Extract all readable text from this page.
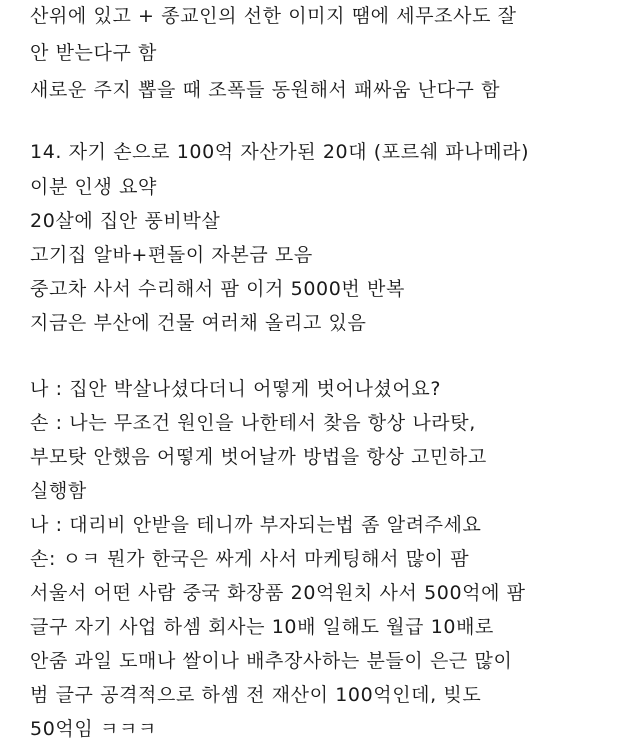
산위에 있고 + 종교인의 선한 이미지 땜에 세무조사도 잘
안 받는다구 함
새로운 주지 뽑을 때 조폭들 동원해서 패싸움 난다구 함
14. 자기 손으로 100억 자산가된 20대 (포르쉐 파나메라)
이분 인생 요약
20살에 집안 풍비박살
고기집 알바+편돌이 자본금 모음
중고차 사서 수리해서 팜 이거 5000번 반복
지금은 부산에 건물 여러채 올리고 있음
나 : 집안 박살나셨다더니 어떻게 벗어나셨어요?
손 : 나는 무조건 원인을 나한테서 찾음 항상 나라탓,
부모탓 안했음 어떻게 벗어날까 방법을 항상 고민하고
실행함
나 : 대리비 안받을 테니까 부자되는법 좀 알려주세요
손: ㅇㅋ 뭔가 한국은 싸게 사서 마케팅해서 많이 팜
서울서 어떤 사람 중국 화장품 20억원치 사서 500억에 팜
글구 자기 사업 하셈 회사는 10배 일해도 월급 10배로
안줌 과일 도매나 쌀이나 배추장사하는 분들이 은근 많이
범 글구 공격적으로 하셈 전 재산이 100억인데, 빚도
50억임 ㅋㅋㅋ
